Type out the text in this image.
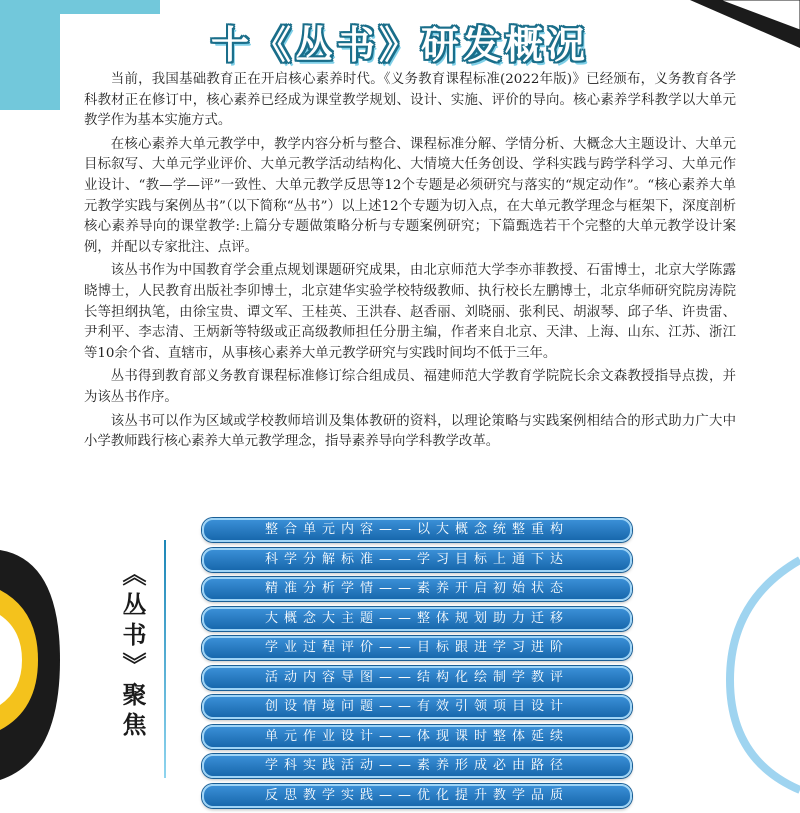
十《丛书》研发概况

当前，我国基础教育正在开启核心素养时代。《义务教育课程标准(2022年版)》已经颁布，义务教育各学科教材正在修订中，核心素养已经成为课堂教学规划、设计、实施、评价的导向。核心素养学科教学以大单元教学作为基本实施方式。

在核心素养大单元教学中，教学内容分析与整合、课程标准分解、学情分析、大概念大主题设计、大单元目标叙写、大单元学业评价、大单元教学活动结构化、大情境大任务创设、学科实践与跨学科学习、大单元作业设计、“教—学—评”一致性、大单元教学反思等12个专题是必须研究与落实的“规定动作”。“核心素养大单元教学实践与案例丛书”（以下简称“丛书”）以上述12个专题为切入点，在大单元教学理念与框架下，深度剖析核心素养导向的课堂教学:上篇分专题做策略分析与专题案例研究；下篇甄选若干个完整的大单元教学设计案例，并配以专家批注、点评。

该丛书作为中国教育学会重点规划课题研究成果，由北京师范大学李亦菲教授、石雷博士，北京大学陈露晓博士，人民教育出版社李卯博士，北京建华实验学校特级教师、执行校长左鹏博士，北京华师研究院房涛院长等担纲执笔，由徐宝贵、谭文军、王桂英、王洪春、赵香丽、刘晓丽、张利民、胡淑琴、邱子华、许贵雷、尹利平、李志清、王炳新等特级或正高级教师担任分册主编，作者来自北京、天津、上海、山东、江苏、浙江等10余个省、直辖市，从事核心素养大单元教学研究与实践时间均不低于三年。

丛书得到教育部义务教育课程标准修订综合组成员、福建师范大学教育学院院长余文森教授指导点拨，并为该丛书作序。

该丛书可以作为区域或学校教师培训及集体教研的资料，以理论策略与实践案例相结合的形式助力广大中小学教师践行核心素养大单元教学理念，指导素养导向学科教学改革。

《丛书》聚焦
整合单元内容——以大概念统整重构
科学分解标准——学习目标上通下达
精准分析学情——素养开启初始状态
大概念大主题——整体规划助力迁移
学业过程评价——目标跟进学习进阶
活动内容导图——结构化绘制学教评
创设情境问题——有效引领项目设计
单元作业设计——体现课时整体延续
学科实践活动——素养形成必由路径
反思教学实践——优化提升教学品质
